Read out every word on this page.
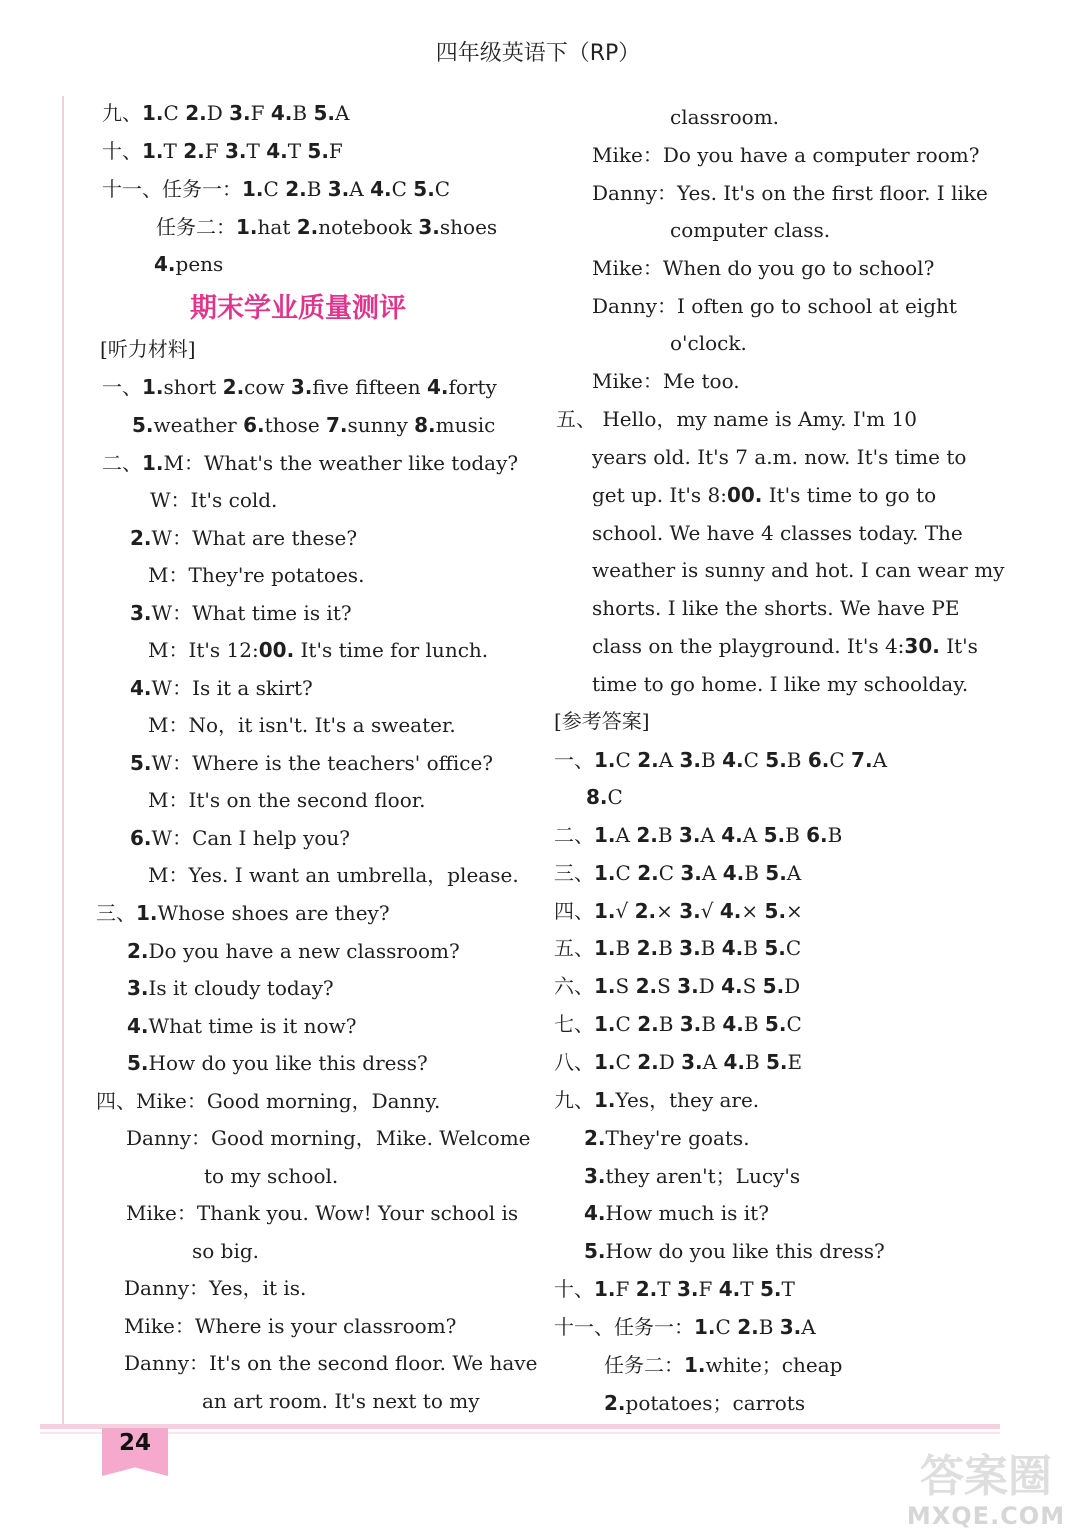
四年级英语下（RP）
九、1.C 2.D 3.F 4.B 5.A
十、1.T 2.F 3.T 4.T 5.F
十一、任务一：1.C 2.B 3.A 4.C 5.C
任务二：1.hat 2.notebook 3.shoes
4.pens
[听力材料]
一、1.short 2.cow 3.five fifteen 4.forty
5.weather 6.those 7.sunny 8.music
二、1.M：What's the weather like today?
W：It's cold.
2.W：What are these?
M：They're potatoes.
3.W：What time is it?
M：It's 12:00. It's time for lunch.
4.W：Is it a skirt?
M：No，it isn't. It's a sweater.
5.W：Where is the teachers' office?
M：It's on the second floor.
6.W：Can I help you?
M：Yes. I want an umbrella，please.
三、1.Whose shoes are they?
2.Do you have a new classroom?
3.Is it cloudy today?
4.What time is it now?
5.How do you like this dress?
四、Mike：Good morning，Danny.
Danny：Good morning，Mike. Welcome
to my school.
Mike：Thank you. Wow! Your school is
so big.
Danny：Yes，it is.
Mike：Where is your classroom?
Danny：It's on the second floor. We have
an art room. It's next to my
期末学业质量测评
classroom.
Mike：Do you have a computer room?
Danny：Yes. It's on the first floor. I like
computer class.
Mike：When do you go to school?
Danny：I often go to school at eight
o'clock.
Mike：Me too.
五、 Hello，my name is Amy. I'm 10
years old. It's 7 a.m. now. It's time to
get up. It's 8:00. It's time to go to
school. We have 4 classes today. The
weather is sunny and hot. I can wear my
shorts. I like the shorts. We have PE
class on the playground. It's 4:30. It's
time to go home. I like my schoolday.
[参考答案]
一、1.C 2.A 3.B 4.C 5.B 6.C 7.A
8.C
二、1.A 2.B 3.A 4.A 5.B 6.B
三、1.C 2.C 3.A 4.B 5.A
四、1.√ 2.× 3.√ 4.× 5.×
五、1.B 2.B 3.B 4.B 5.C
六、1.S 2.S 3.D 4.S 5.D
七、1.C 2.B 3.B 4.B 5.C
八、1.C 2.D 3.A 4.B 5.E
九、1.Yes，they are.
2.They're goats.
3.they aren't；Lucy's
4.How much is it?
5.How do you like this dress?
十、1.F 2.T 3.F 4.T 5.T
十一、任务一：1.C 2.B 3.A
任务二：1.white；cheap
2.potatoes；carrots
24
答案圈
MXQE.COM
